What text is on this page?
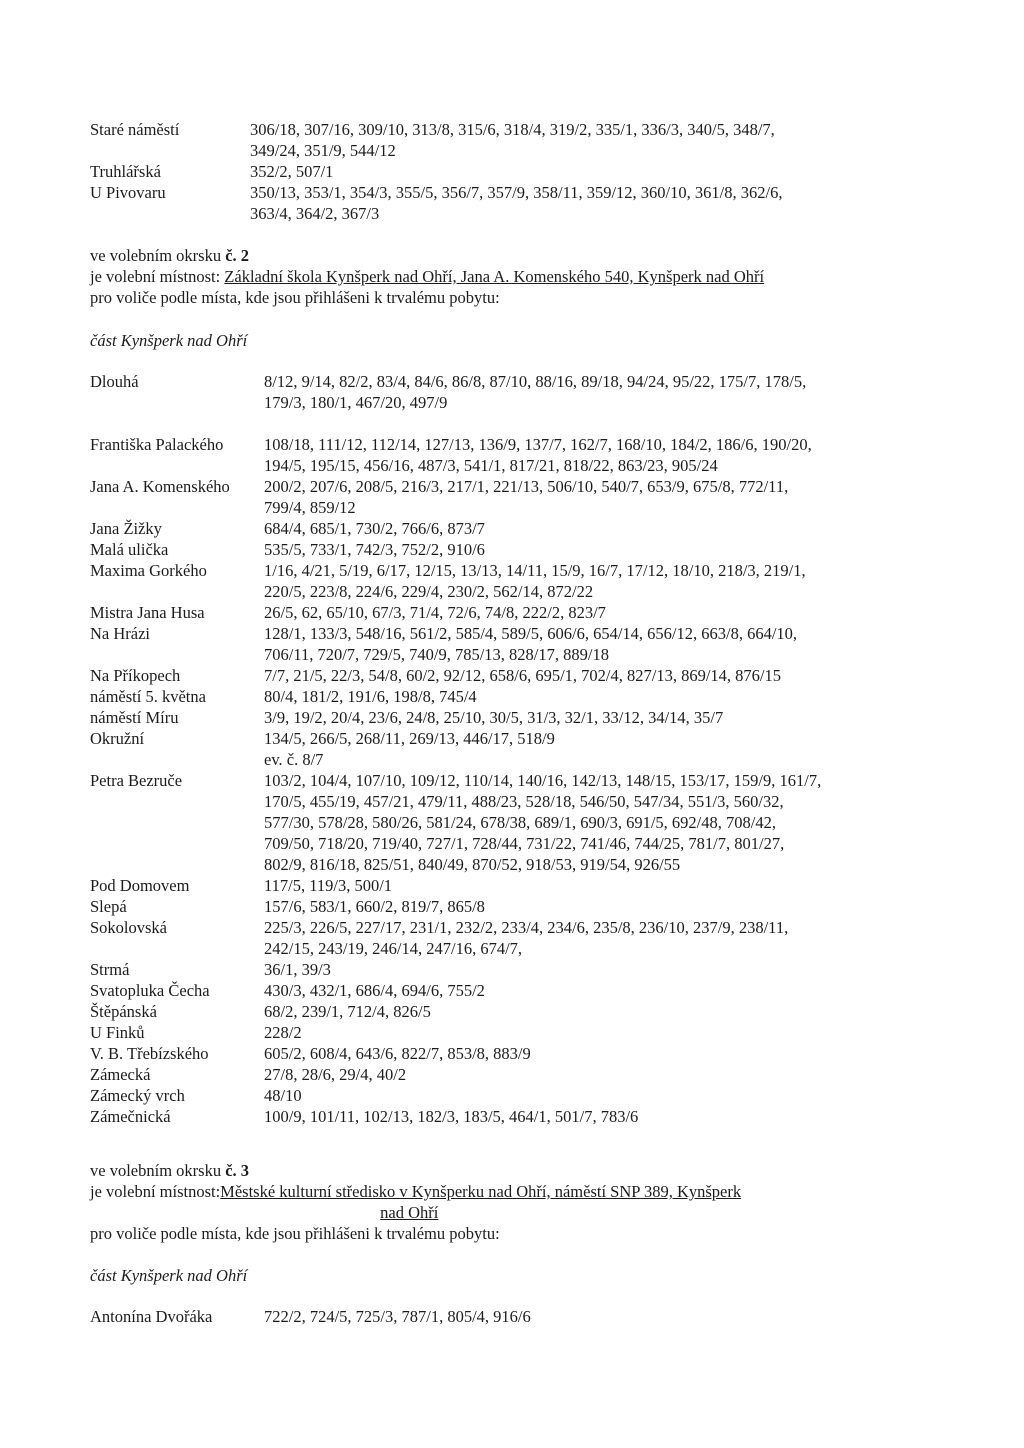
Staré náměstí	306/18, 307/16, 309/10, 313/8, 315/6, 318/4, 319/2, 335/1, 336/3, 340/5, 348/7,
349/24, 351/9, 544/12
Truhlářská	352/2, 507/1
U Pivovaru	350/13, 353/1, 354/3, 355/5, 356/7, 357/9, 358/11, 359/12, 360/10, 361/8, 362/6,
363/4, 364/2, 367/3
ve volebním okrsku č. 2
je volební místnost: Základní škola Kynšperk nad Ohří, Jana A. Komenského 540, Kynšperk nad Ohří
pro voliče podle místa, kde jsou přihlášeni k trvalému pobytu:
část Kynšperk nad Ohří
Dlouhá	8/12, 9/14, 82/2, 83/4, 84/6, 86/8, 87/10, 88/16, 89/18, 94/24, 95/22, 175/7, 178/5,
179/3, 180/1, 467/20, 497/9
Františka Palackého	108/18, 111/12, 112/14, 127/13, 136/9, 137/7, 162/7, 168/10, 184/2, 186/6, 190/20,
194/5, 195/15, 456/16, 487/3, 541/1, 817/21, 818/22, 863/23, 905/24
Jana A. Komenského	200/2, 207/6, 208/5, 216/3, 217/1, 221/13, 506/10, 540/7, 653/9, 675/8, 772/11,
799/4, 859/12
Jana Žižky	684/4, 685/1, 730/2, 766/6, 873/7
Malá ulička	535/5, 733/1, 742/3, 752/2, 910/6
Maxima Gorkého	1/16, 4/21, 5/19, 6/17, 12/15, 13/13, 14/11, 15/9, 16/7, 17/12, 18/10, 218/3, 219/1,
220/5, 223/8, 224/6, 229/4, 230/2, 562/14, 872/22
Mistra Jana Husa	26/5, 62, 65/10, 67/3, 71/4, 72/6, 74/8, 222/2, 823/7
Na Hrázi	128/1, 133/3, 548/16, 561/2, 585/4, 589/5, 606/6, 654/14, 656/12, 663/8, 664/10,
706/11, 720/7, 729/5, 740/9, 785/13, 828/17, 889/18
Na Příkopech	7/7, 21/5, 22/3, 54/8, 60/2, 92/12, 658/6, 695/1, 702/4, 827/13, 869/14, 876/15
náměstí 5. května	80/4, 181/2, 191/6, 198/8, 745/4
náměstí Míru	3/9, 19/2, 20/4, 23/6, 24/8, 25/10, 30/5, 31/3, 32/1, 33/12, 34/14, 35/7
Okružní	134/5, 266/5, 268/11, 269/13, 446/17, 518/9
ev. č. 8/7
Petra Bezruče	103/2, 104/4, 107/10, 109/12, 110/14, 140/16, 142/13, 148/15, 153/17, 159/9, 161/7,
170/5, 455/19, 457/21, 479/11, 488/23, 528/18, 546/50, 547/34, 551/3, 560/32,
577/30, 578/28, 580/26, 581/24, 678/38, 689/1, 690/3, 691/5, 692/48, 708/42,
709/50, 718/20, 719/40, 727/1, 728/44, 731/22, 741/46, 744/25, 781/7, 801/27,
802/9, 816/18, 825/51, 840/49, 870/52, 918/53, 919/54, 926/55
Pod Domovem	117/5, 119/3, 500/1
Slepá	157/6, 583/1, 660/2, 819/7, 865/8
Sokolovská	225/3, 226/5, 227/17, 231/1, 232/2, 233/4, 234/6, 235/8, 236/10, 237/9, 238/11,
242/15, 243/19, 246/14, 247/16, 674/7,
Strmá	36/1, 39/3
Svatopluka Čecha	430/3, 432/1, 686/4, 694/6, 755/2
Štěpánská	68/2, 239/1, 712/4, 826/5
U Finků	228/2
V. B. Třebízského	605/2, 608/4, 643/6, 822/7, 853/8, 883/9
Zámecká	27/8, 28/6, 29/4, 40/2
Zámecký vrch	48/10
Zámečnická	100/9, 101/11, 102/13, 182/3, 183/5, 464/1, 501/7, 783/6
ve volebním okrsku č. 3
je volební místnost: Městské kulturní středisko v Kynšperku nad Ohří, náměstí SNP 389, Kynšperk
nad Ohří
pro voliče podle místa, kde jsou přihlášeni k trvalému pobytu:
část Kynšperk nad Ohří
Antonína Dvořáka	722/2, 724/5, 725/3, 787/1, 805/4, 916/6
